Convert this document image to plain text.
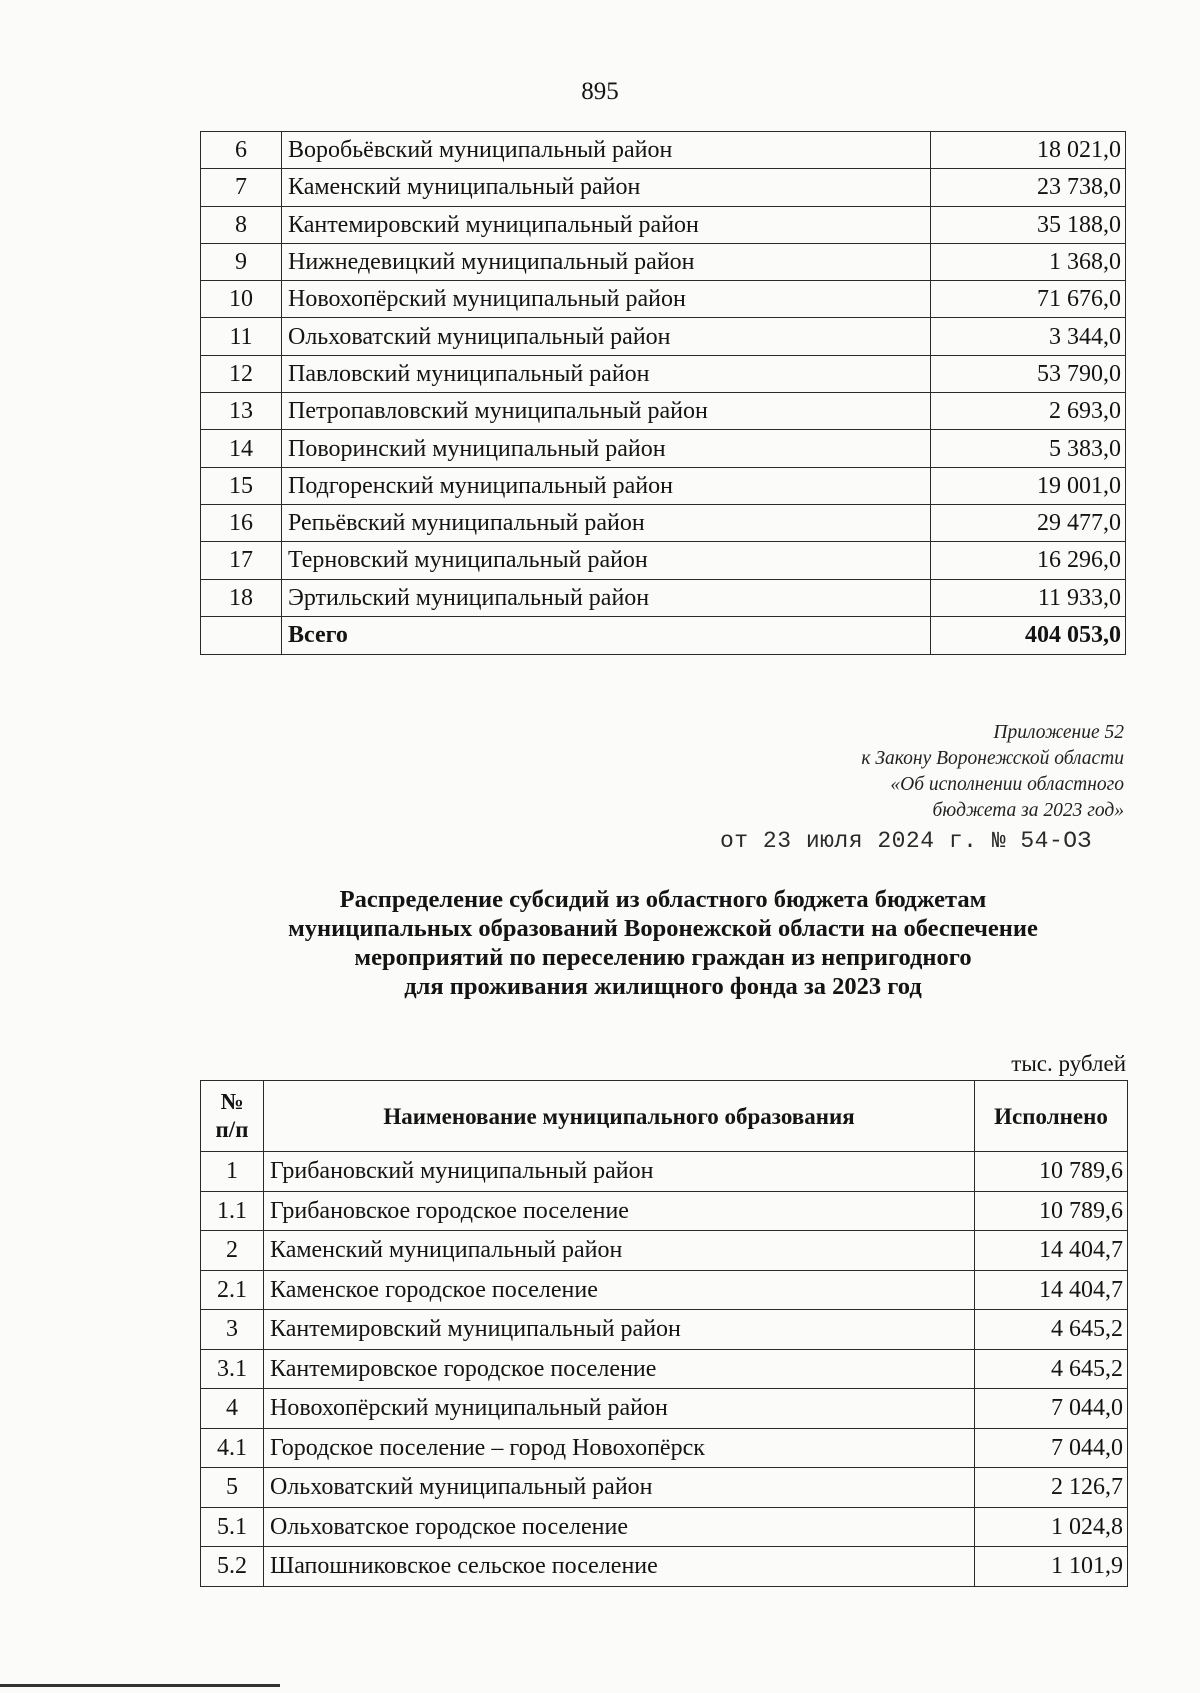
895
6	Воробьёвский муниципальный район	18 021,0
7	Каменский муниципальный район	23 738,0
8	Кантемировский муниципальный район	35 188,0
9	Нижнедевицкий муниципальный район	1 368,0
10	Новохопёрский муниципальный район	71 676,0
11	Ольховатский муниципальный район	3 344,0
12	Павловский муниципальный район	53 790,0
13	Петропавловский муниципальный район	2 693,0
14	Поворинский муниципальный район	5 383,0
15	Подгоренский муниципальный район	19 001,0
16	Репьёвский муниципальный район	29 477,0
17	Терновский муниципальный район	16 296,0
18	Эртильский муниципальный район	11 933,0
	Всего	404 053,0
Приложение 52
к Закону Воронежской области
«Об исполнении областного
бюджета за 2023 год»
от 23 июля 2024 г. № 54-ОЗ
Распределение субсидий из областного бюджета бюджетам
муниципальных образований Воронежской области на обеспечение
мероприятий по переселению граждан из непригодного
для проживания жилищного фонда за 2023 год
тыс. рублей
№
п/п	Наименование муниципального образования	Исполнено
1	Грибановский муниципальный район	10 789,6
1.1	Грибановское городское поселение	10 789,6
2	Каменский муниципальный район	14 404,7
2.1	Каменское городское поселение	14 404,7
3	Кантемировский муниципальный район	4 645,2
3.1	Кантемировское городское поселение	4 645,2
4	Новохопёрский муниципальный район	7 044,0
4.1	Городское поселение – город Новохопёрск	7 044,0
5	Ольховатский муниципальный район	2 126,7
5.1	Ольховатское городское поселение	1 024,8
5.2	Шапошниковское сельское поселение	1 101,9
